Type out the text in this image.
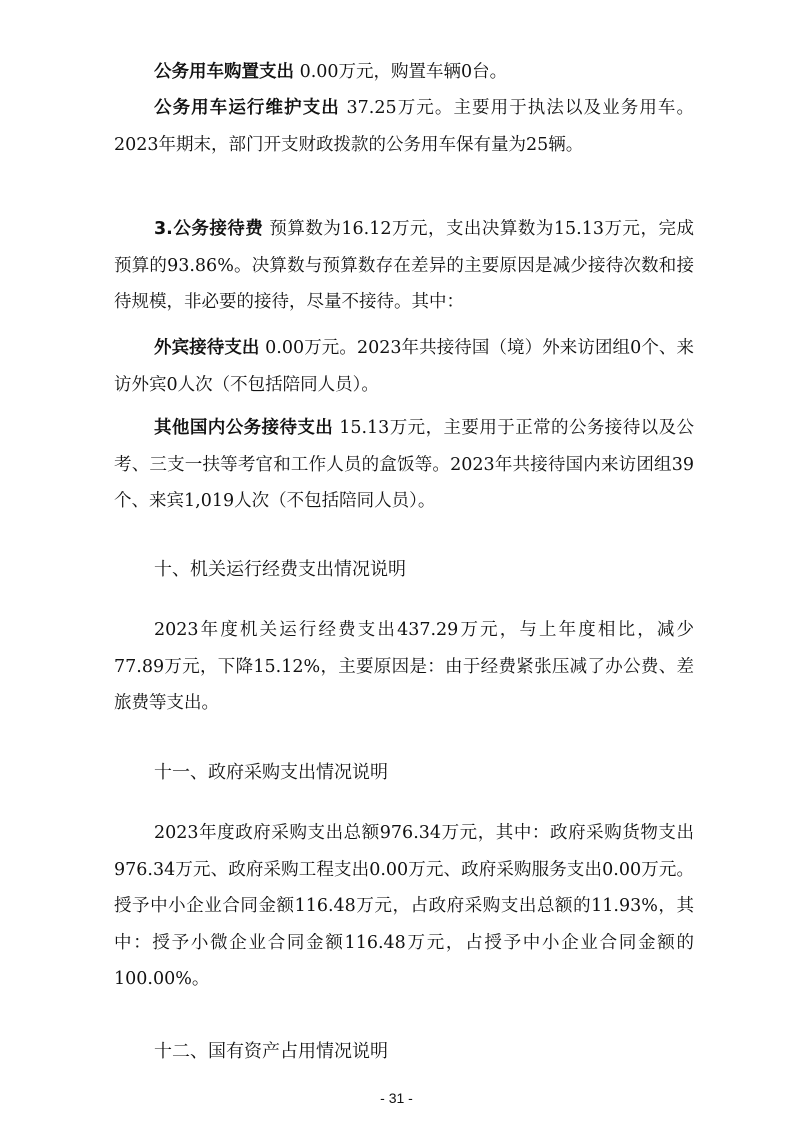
公务用车购置支出 0.00万元，购置车辆0台。

公务用车运行维护支出 37.25万元。主要用于执法以及业务用车。2023年期末，部门开支财政拨款的公务用车保有量为25辆。

3.公务接待费 预算数为16.12万元，支出决算数为15.13万元，完成预算的93.86%。决算数与预算数存在差异的主要原因是减少接待次数和接待规模，非必要的接待，尽量不接待。其中：

外宾接待支出 0.00万元。2023年共接待国（境）外来访团组0个、来访外宾0人次（不包括陪同人员）。

其他国内公务接待支出 15.13万元，主要用于正常的公务接待以及公考、三支一扶等考官和工作人员的盒饭等。2023年共接待国内来访团组39个、来宾1,019人次（不包括陪同人员）。

十、机关运行经费支出情况说明

2023年度机关运行经费支出437.29万元，与上年度相比，减少77.89万元，下降15.12%，主要原因是：由于经费紧张压减了办公费、差旅费等支出。

十一、政府采购支出情况说明

2023年度政府采购支出总额976.34万元，其中：政府采购货物支出976.34万元、政府采购工程支出0.00万元、政府采购服务支出0.00万元。授予中小企业合同金额116.48万元，占政府采购支出总额的11.93%，其中：授予小微企业合同金额116.48万元，占授予中小企业合同金额的100.00%。

十二、国有资产占用情况说明
- 31 -
